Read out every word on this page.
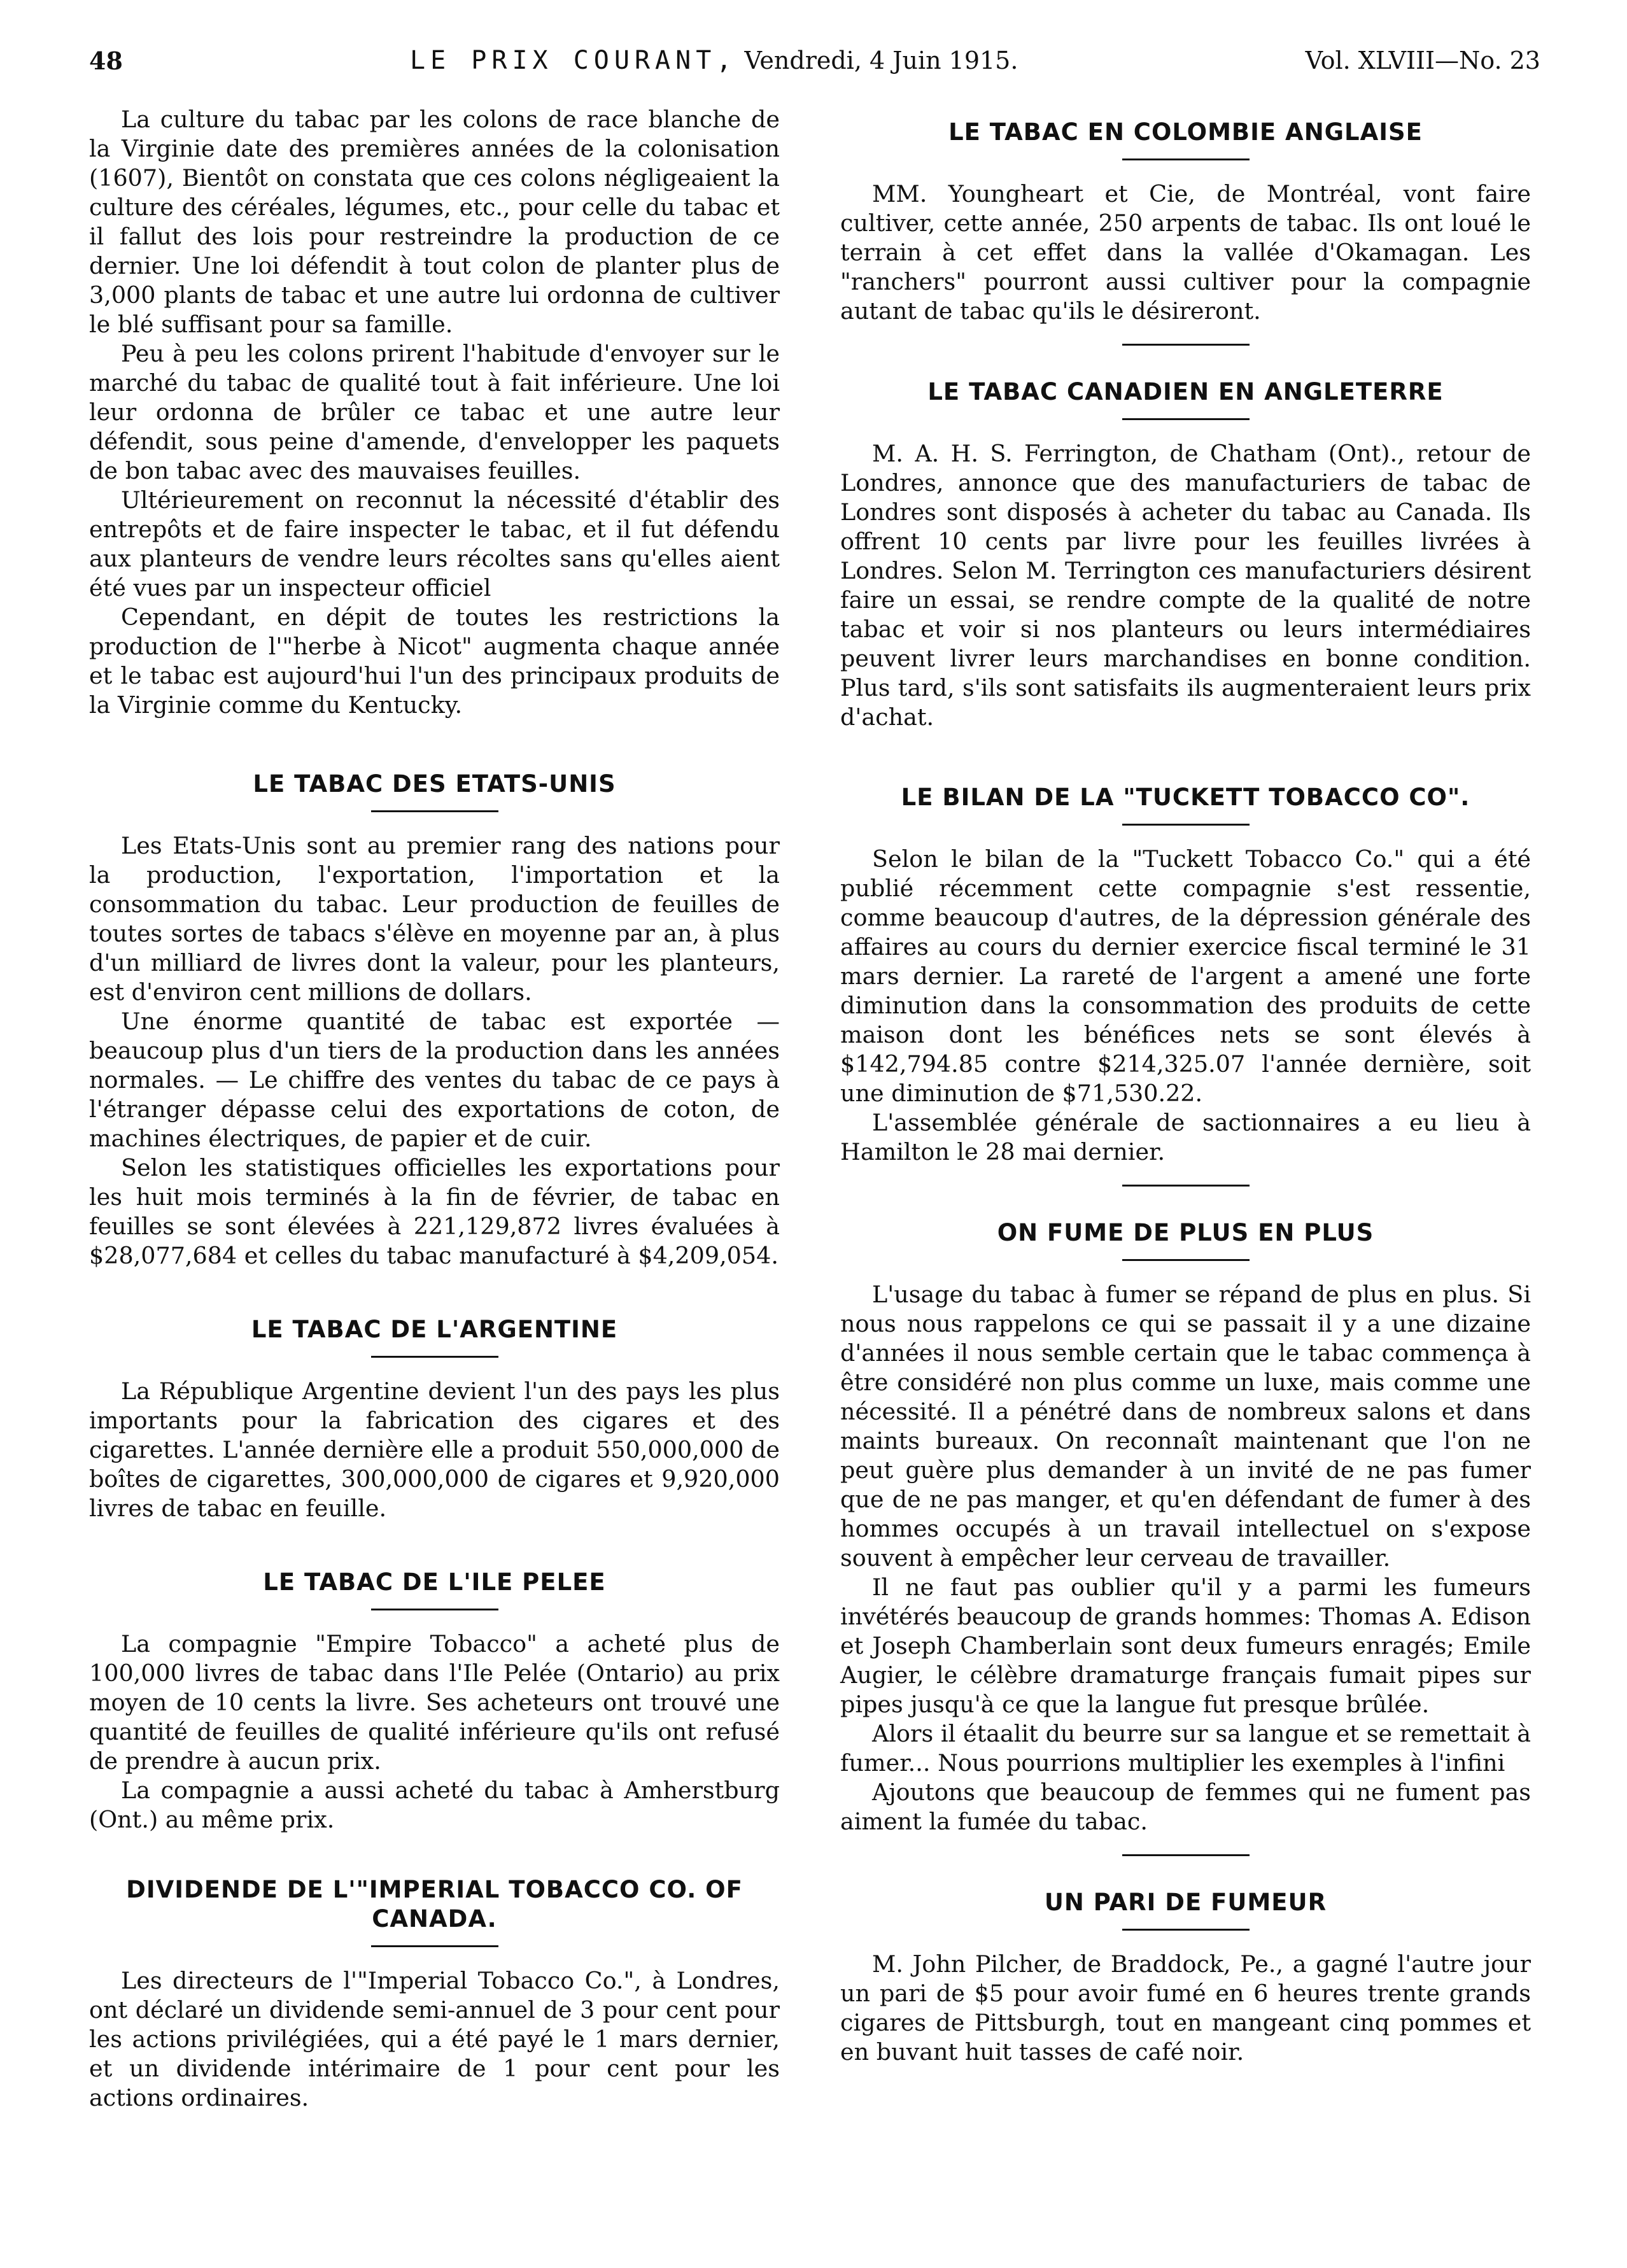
48	LE PRIX COURANT, Vendredi, 4 Juin 1915.	Vol. XLVIII—No. 23

La culture du tabac par les colons de race blanche de la Virginie date des premières années de la colonisation (1607), Bientôt on constata que ces colons négligeaient la culture des céréales, légumes, etc., pour celle du tabac et il fallut des lois pour restreindre la production de ce dernier. Une loi défendit à tout colon de planter plus de 3,000 plants de tabac et une autre lui ordonna de cultiver le blé suffisant pour sa famille.

Peu à peu les colons prirent l'habitude d'envoyer sur le marché du tabac de qualité tout à fait inférieure. Une loi leur ordonna de brûler ce tabac et une autre leur défendit, sous peine d'amende, d'envelopper les paquets de bon tabac avec des mauvaises feuilles.

Ultérieurement on reconnut la nécessité d'établir des entrepôts et de faire inspecter le tabac, et il fut défendu aux planteurs de vendre leurs récoltes sans qu'elles aient été vues par un inspecteur officiel

Cependant, en dépit de toutes les restrictions la production de l'"herbe à Nicot" augmenta chaque année et le tabac est aujourd'hui l'un des principaux produits de la Virginie comme du Kentucky.

LE TABAC DES ETATS-UNIS

Les Etats-Unis sont au premier rang des nations pour la production, l'exportation, l'importation et la consommation du tabac. Leur production de feuilles de toutes sortes de tabacs s'élève en moyenne par an, à plus d'un milliard de livres dont la valeur, pour les planteurs, est d'environ cent millions de dollars.

Une énorme quantité de tabac est exportée — beaucoup plus d'un tiers de la production dans les années normales. — Le chiffre des ventes du tabac de ce pays à l'étranger dépasse celui des exportations de coton, de machines électriques, de papier et de cuir.

Selon les statistiques officielles les exportations pour les huit mois terminés à la fin de février, de tabac en feuilles se sont élevées à 221,129,872 livres évaluées à $28,077,684 et celles du tabac manufacturé à $4,209,054.

LE TABAC DE L'ARGENTINE

La République Argentine devient l'un des pays les plus importants pour la fabrication des cigares et des cigarettes. L'année dernière elle a produit 550,000,000 de boîtes de cigarettes, 300,000,000 de cigares et 9,920,000 livres de tabac en feuille.

LE TABAC DE L'ILE PELEE

La compagnie "Empire Tobacco" a acheté plus de 100,000 livres de tabac dans l'Ile Pelée (Ontario) au prix moyen de 10 cents la livre. Ses acheteurs ont trouvé une quantité de feuilles de qualité inférieure qu'ils ont refusé de prendre à aucun prix.

La compagnie a aussi acheté du tabac à Amherstburg (Ont.) au même prix.

DIVIDENDE DE L'"IMPERIAL TOBACCO CO. OF CANADA.

Les directeurs de l'"Imperial Tobacco Co.", à Londres, ont déclaré un dividende semi-annuel de 3 pour cent pour les actions privilégiées, qui a été payé le 1 mars dernier, et un dividende intérimaire de 1 pour cent pour les actions ordinaires.

LE TABAC EN COLOMBIE ANGLAISE

MM. Youngheart et Cie, de Montréal, vont faire cultiver, cette année, 250 arpents de tabac. Ils ont loué le terrain à cet effet dans la vallée d'Okamagan. Les "ranchers" pourront aussi cultiver pour la compagnie autant de tabac qu'ils le désireront.

LE TABAC CANADIEN EN ANGLETERRE

M. A. H. S. Ferrington, de Chatham (Ont)., retour de Londres, annonce que des manufacturiers de tabac de Londres sont disposés à acheter du tabac au Canada. Ils offrent 10 cents par livre pour les feuilles livrées à Londres. Selon M. Terrington ces manufacturiers désirent faire un essai, se rendre compte de la qualité de notre tabac et voir si nos planteurs ou leurs intermédiaires peuvent livrer leurs marchandises en bonne condition. Plus tard, s'ils sont satisfaits ils augmenteraient leurs prix d'achat.

LE BILAN DE LA "TUCKETT TOBACCO CO".

Selon le bilan de la "Tuckett Tobacco Co." qui a été publié récemment cette compagnie s'est ressentie, comme beaucoup d'autres, de la dépression générale des affaires au cours du dernier exercice fiscal terminé le 31 mars dernier. La rareté de l'argent a amené une forte diminution dans la consommation des produits de cette maison dont les bénéfices nets se sont élevés à $142,794.85 contre $214,325.07 l'année dernière, soit une diminution de $71,530.22.

L'assemblée générale de sactionnaires a eu lieu à Hamilton le 28 mai dernier.

ON FUME DE PLUS EN PLUS

L'usage du tabac à fumer se répand de plus en plus. Si nous nous rappelons ce qui se passait il y a une dizaine d'années il nous semble certain que le tabac commença à être considéré non plus comme un luxe, mais comme une nécessité. Il a pénétré dans de nombreux salons et dans maints bureaux. On reconnaît maintenant que l'on ne peut guère plus demander à un invité de ne pas fumer que de ne pas manger, et qu'en défendant de fumer à des hommes occupés à un travail intellectuel on s'expose souvent à empêcher leur cerveau de travailler.

Il ne faut pas oublier qu'il y a parmi les fumeurs invétérés beaucoup de grands hommes: Thomas A. Edison et Joseph Chamberlain sont deux fumeurs enragés; Emile Augier, le célèbre dramaturge français fumait pipes sur pipes jusqu'à ce que la langue fut presque brûlée.

Alors il étaalit du beurre sur sa langue et se remettait à fumer... Nous pourrions multiplier les exemples à l'infini

Ajoutons que beaucoup de femmes qui ne fument pas aiment la fumée du tabac.

UN PARI DE FUMEUR

M. John Pilcher, de Braddock, Pe., a gagné l'autre jour un pari de $5 pour avoir fumé en 6 heures trente grands cigares de Pittsburgh, tout en mangeant cinq pommes et en buvant huit tasses de café noir.
